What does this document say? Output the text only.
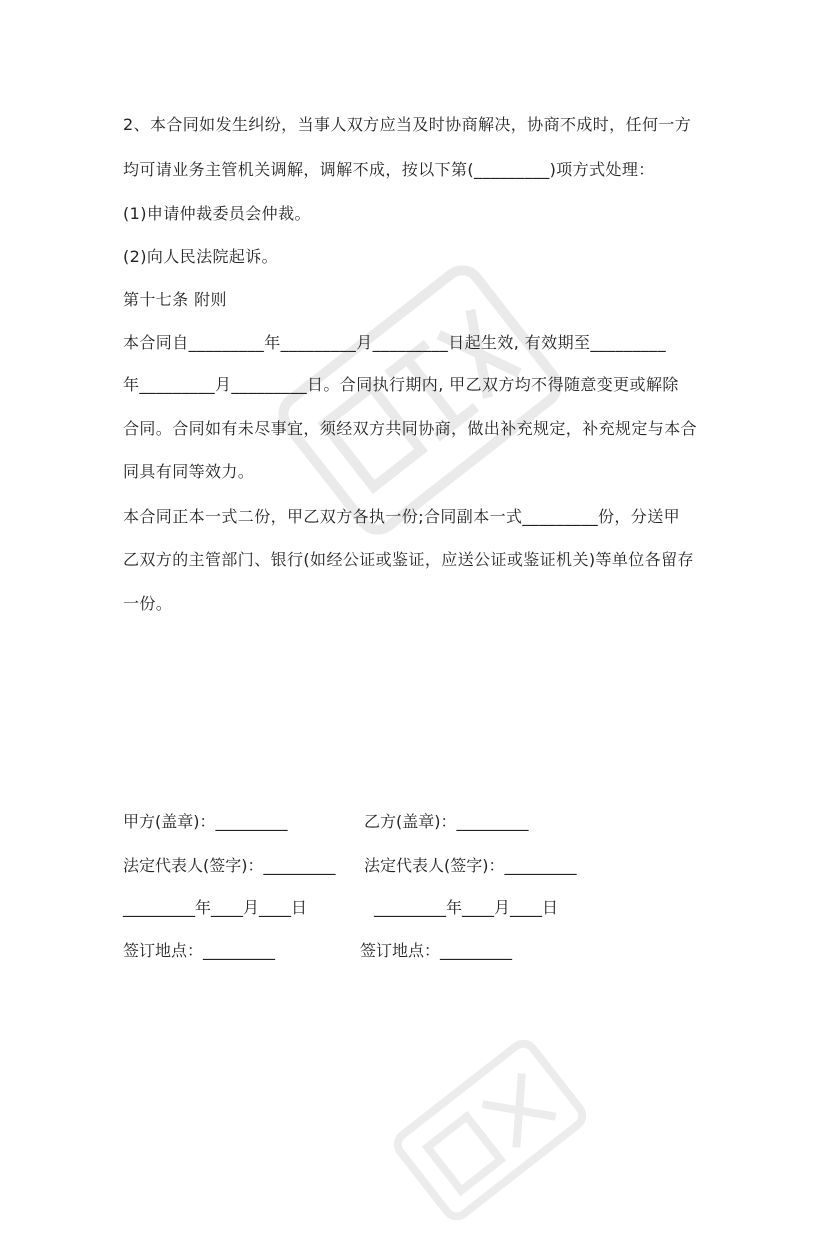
2、本合同如发生纠纷，当事人双方应当及时协商解决，协商不成时，任何一方
均可请业务主管机关调解，调解不成，按以下第(_________)项方式处理：
(1)申请仲裁委员会仲裁。
(2)向人民法院起诉。
第十七条 附则
本合同自_________年_________月_________日起生效, 有效期至_________
年_________月_________日。合同执行期内, 甲乙双方均不得随意变更或解除
合同。合同如有未尽事宜，须经双方共同协商，做出补充规定，补充规定与本合
同具有同等效力。
本合同正本一式二份，甲乙双方各执一份;合同副本一式_________份，分送甲
乙双方的主管部门、银行(如经公证或鉴证，应送公证或鉴证机关)等单位各留存
一份。
甲方(盖章)：_________	乙方(盖章)：_________
法定代表人(签字)：_________ 法定代表人(签字)：_________
_________年____月____日	_________年____月____日
签订地点：_________	签订地点：_________
